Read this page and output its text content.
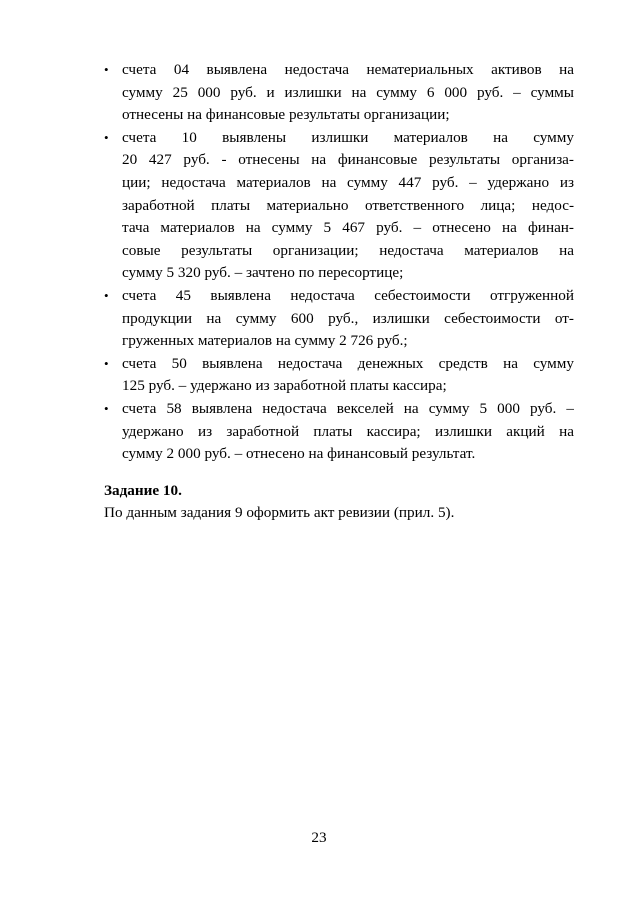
• счета 04 выявлена недостача нематериальных активов на
сумму 25 000 руб. и излишки на сумму 6 000 руб. – суммы
отнесены на финансовые результаты организации;
• счета 10 выявлены излишки материалов на сумму
20 427 руб. - отнесены на финансовые результаты организа-
ции; недостача материалов на сумму 447 руб. – удержано из
заработной платы материально ответственного лица; недос-
тача материалов на сумму 5 467 руб. – отнесено на финан-
совые результаты организации; недостача материалов на
сумму 5 320 руб. – зачтено по пересортице;
• счета 45 выявлена недостача себестоимости отгруженной
продукции на сумму 600 руб., излишки себестоимости от-
груженных материалов на сумму 2 726 руб.;
• счета 50 выявлена недостача денежных средств на сумму
125 руб. – удержано из заработной платы кассира;
• счета 58 выявлена недостача векселей на сумму 5 000 руб. –
удержано из заработной платы кассира; излишки акций на
сумму 2 000 руб. – отнесено на финансовый результат.
Задание 10.
По данным задания 9 оформить акт ревизии (прил. 5).
23
